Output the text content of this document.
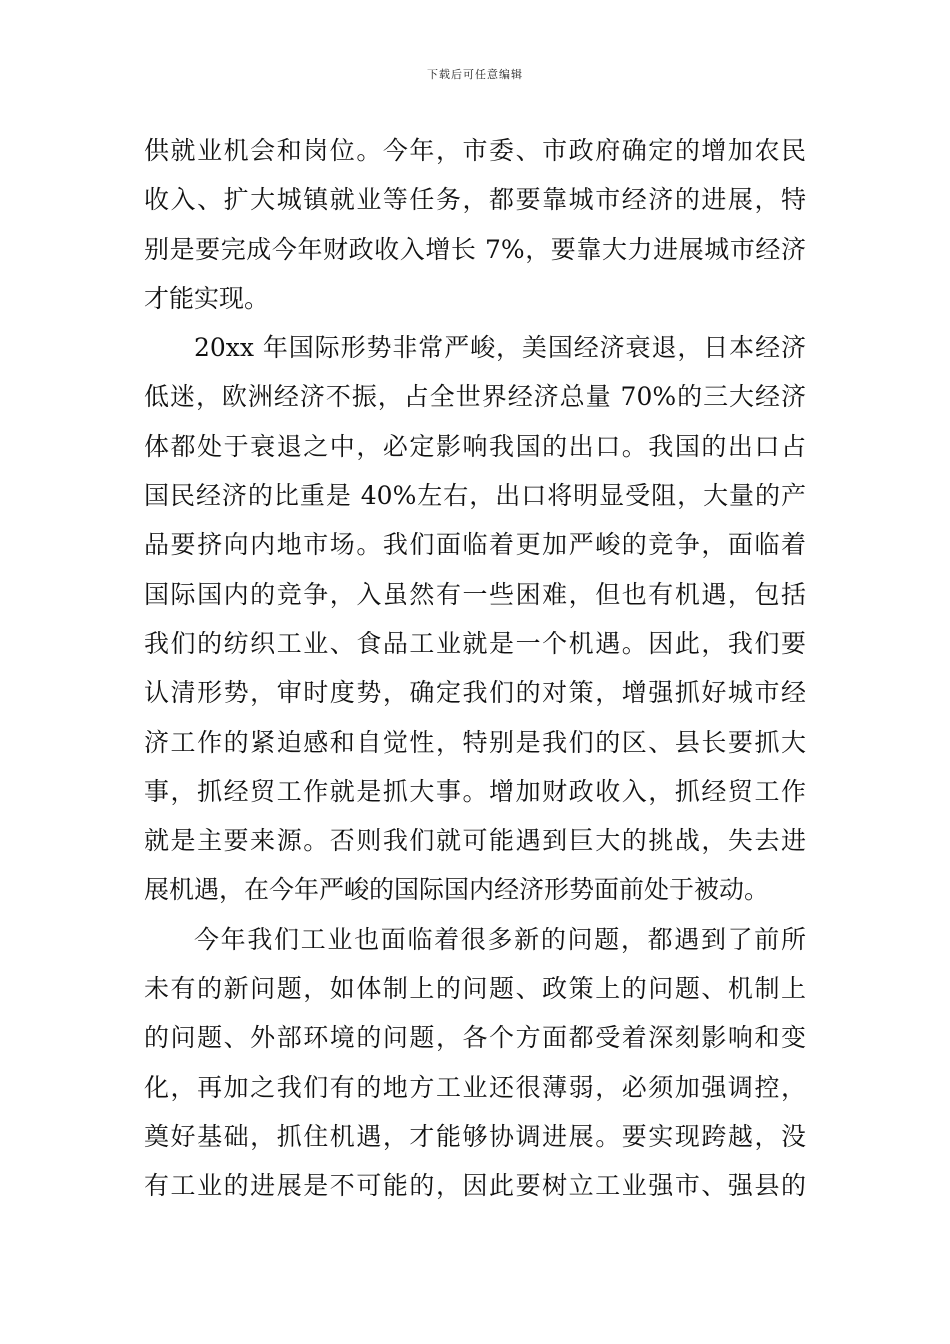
下载后可任意编辑
供就业机会和岗位。今年，市委、市政府确定的增加农民
收入、扩大城镇就业等任务，都要靠城市经济的进展，特
别是要完成今年财政收入增长 7%，要靠大力进展城市经济
才能实现。
20xx 年国际形势非常严峻，美国经济衰退，日本经济
低迷，欧洲经济不振，占全世界经济总量 70%的三大经济
体都处于衰退之中，必定影响我国的出口。我国的出口占
国民经济的比重是 40%左右，出口将明显受阻，大量的产
品要挤向内地市场。我们面临着更加严峻的竞争，面临着
国际国内的竞争，入虽然有一些困难，但也有机遇，包括
我们的纺织工业、食品工业就是一个机遇。因此，我们要
认清形势，审时度势，确定我们的对策，增强抓好城市经
济工作的紧迫感和自觉性，特别是我们的区、县长要抓大
事，抓经贸工作就是抓大事。增加财政收入，抓经贸工作
就是主要来源。否则我们就可能遇到巨大的挑战，失去进
展机遇，在今年严峻的国际国内经济形势面前处于被动。
今年我们工业也面临着很多新的问题，都遇到了前所
未有的新问题，如体制上的问题、政策上的问题、机制上
的问题、外部环境的问题，各个方面都受着深刻影响和变
化，再加之我们有的地方工业还很薄弱，必须加强调控，
奠好基础，抓住机遇，才能够协调进展。要实现跨越，没
有工业的进展是不可能的，因此要树立工业强市、强县的
